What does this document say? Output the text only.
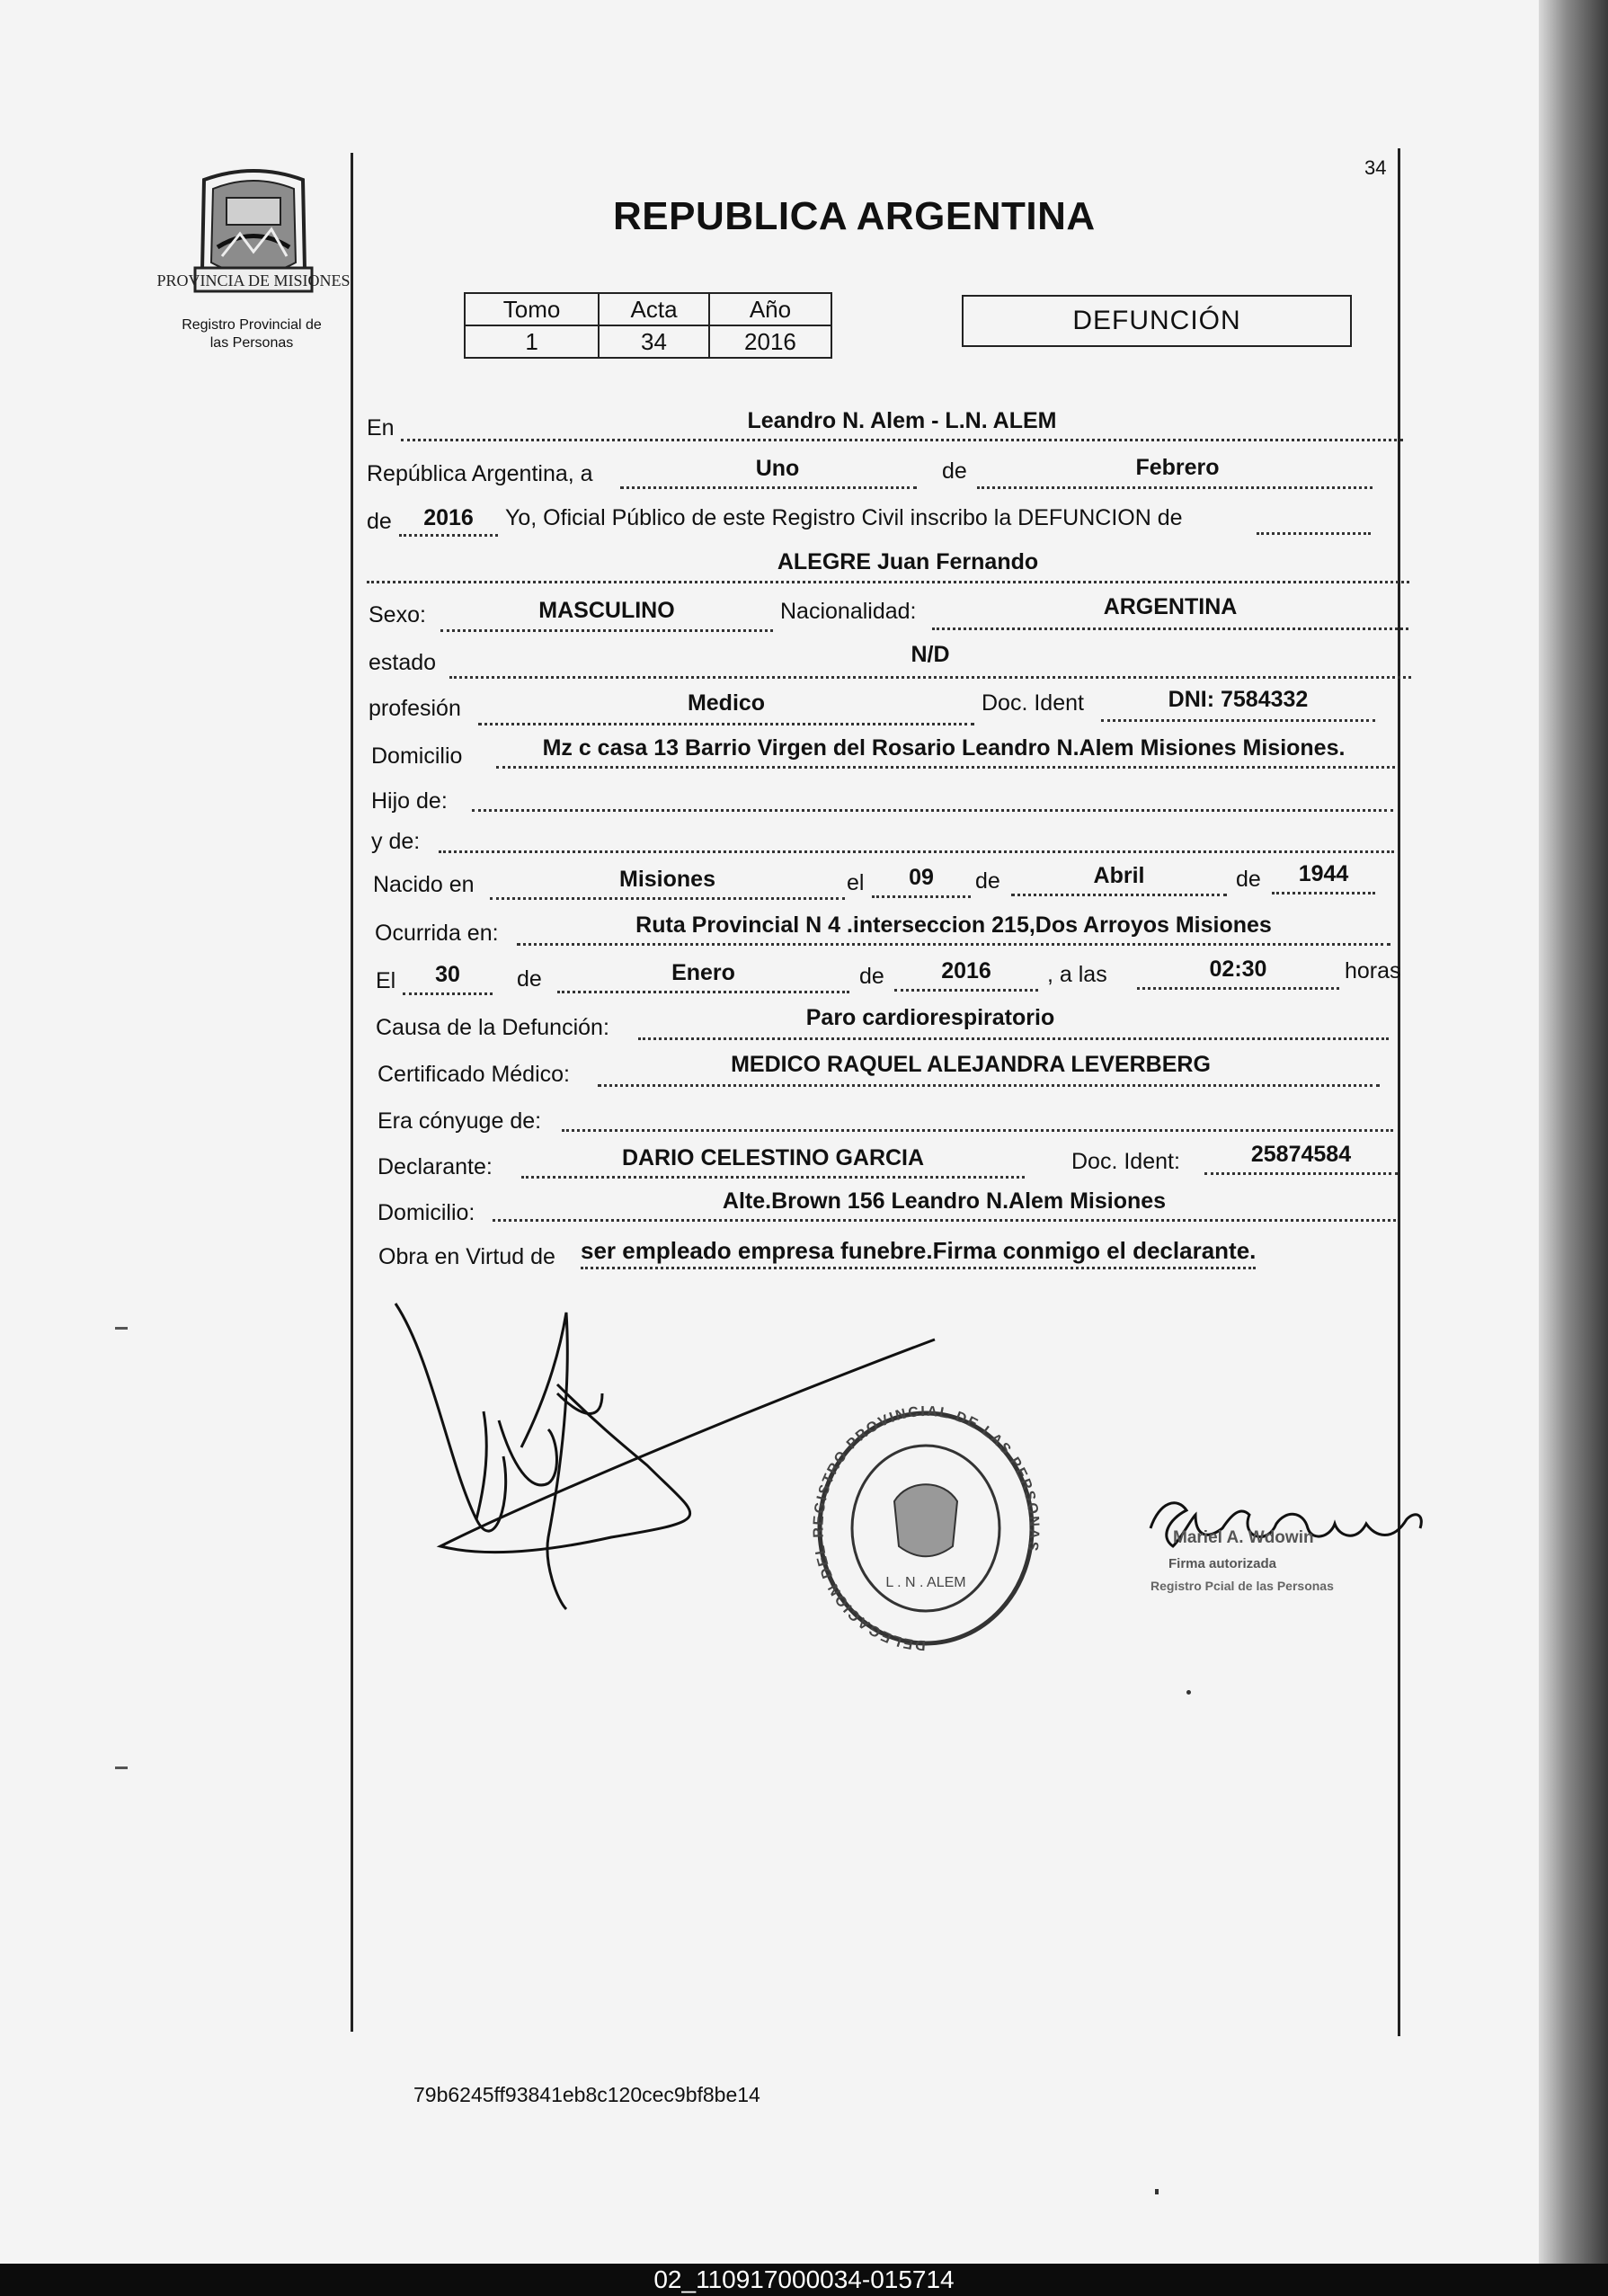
PROVINCIA DE MISIONES
Registro Provincial de
las Personas
34
REPUBLICA ARGENTINA
Tomo	Acta	Año
1	34	2016
DEFUNCIÓN
En	Leandro N. Alem - L.N. ALEM
República Argentina, a	Uno	de	Febrero
de	2016	Yo, Oficial Público de este Registro Civil inscribo la DEFUNCION de
ALEGRE Juan Fernando
Sexo:	MASCULINO	Nacionalidad:	ARGENTINA
estado	N/D
profesión	Medico	Doc. Ident	DNI: 7584332
Domicilio	Mz c casa 13 Barrio Virgen del Rosario Leandro N.Alem Misiones Misiones.
Hijo de:
y de:
Nacido en	Misiones	el	09	de	Abril	de	1944
Ocurrida en:	Ruta Provincial N 4 .interseccion 215,Dos Arroyos Misiones
El	30	de	Enero	de	2016	, a las	02:30	horas
Causa de la Defunción:	Paro cardiorespiratorio
Certificado Médico:	MEDICO RAQUEL ALEJANDRA LEVERBERG
Era cónyuge de:
Declarante:	DARIO CELESTINO GARCIA	Doc. Ident:	25874584
Domicilio:	Alte.Brown 156 Leandro N.Alem Misiones
Obra en Virtud de ser empleado empresa funebre.Firma conmigo el declarante.
DELEGACION DEL REGISTRO PROVINCIAL DE LAS PERSONAS
L . N . ALEM
Mariel A. Wdowin
Firma autorizada
Registro Pcial de las Personas
79b6245ff93841eb8c120cec9bf8be14
02_110917000034-015714
